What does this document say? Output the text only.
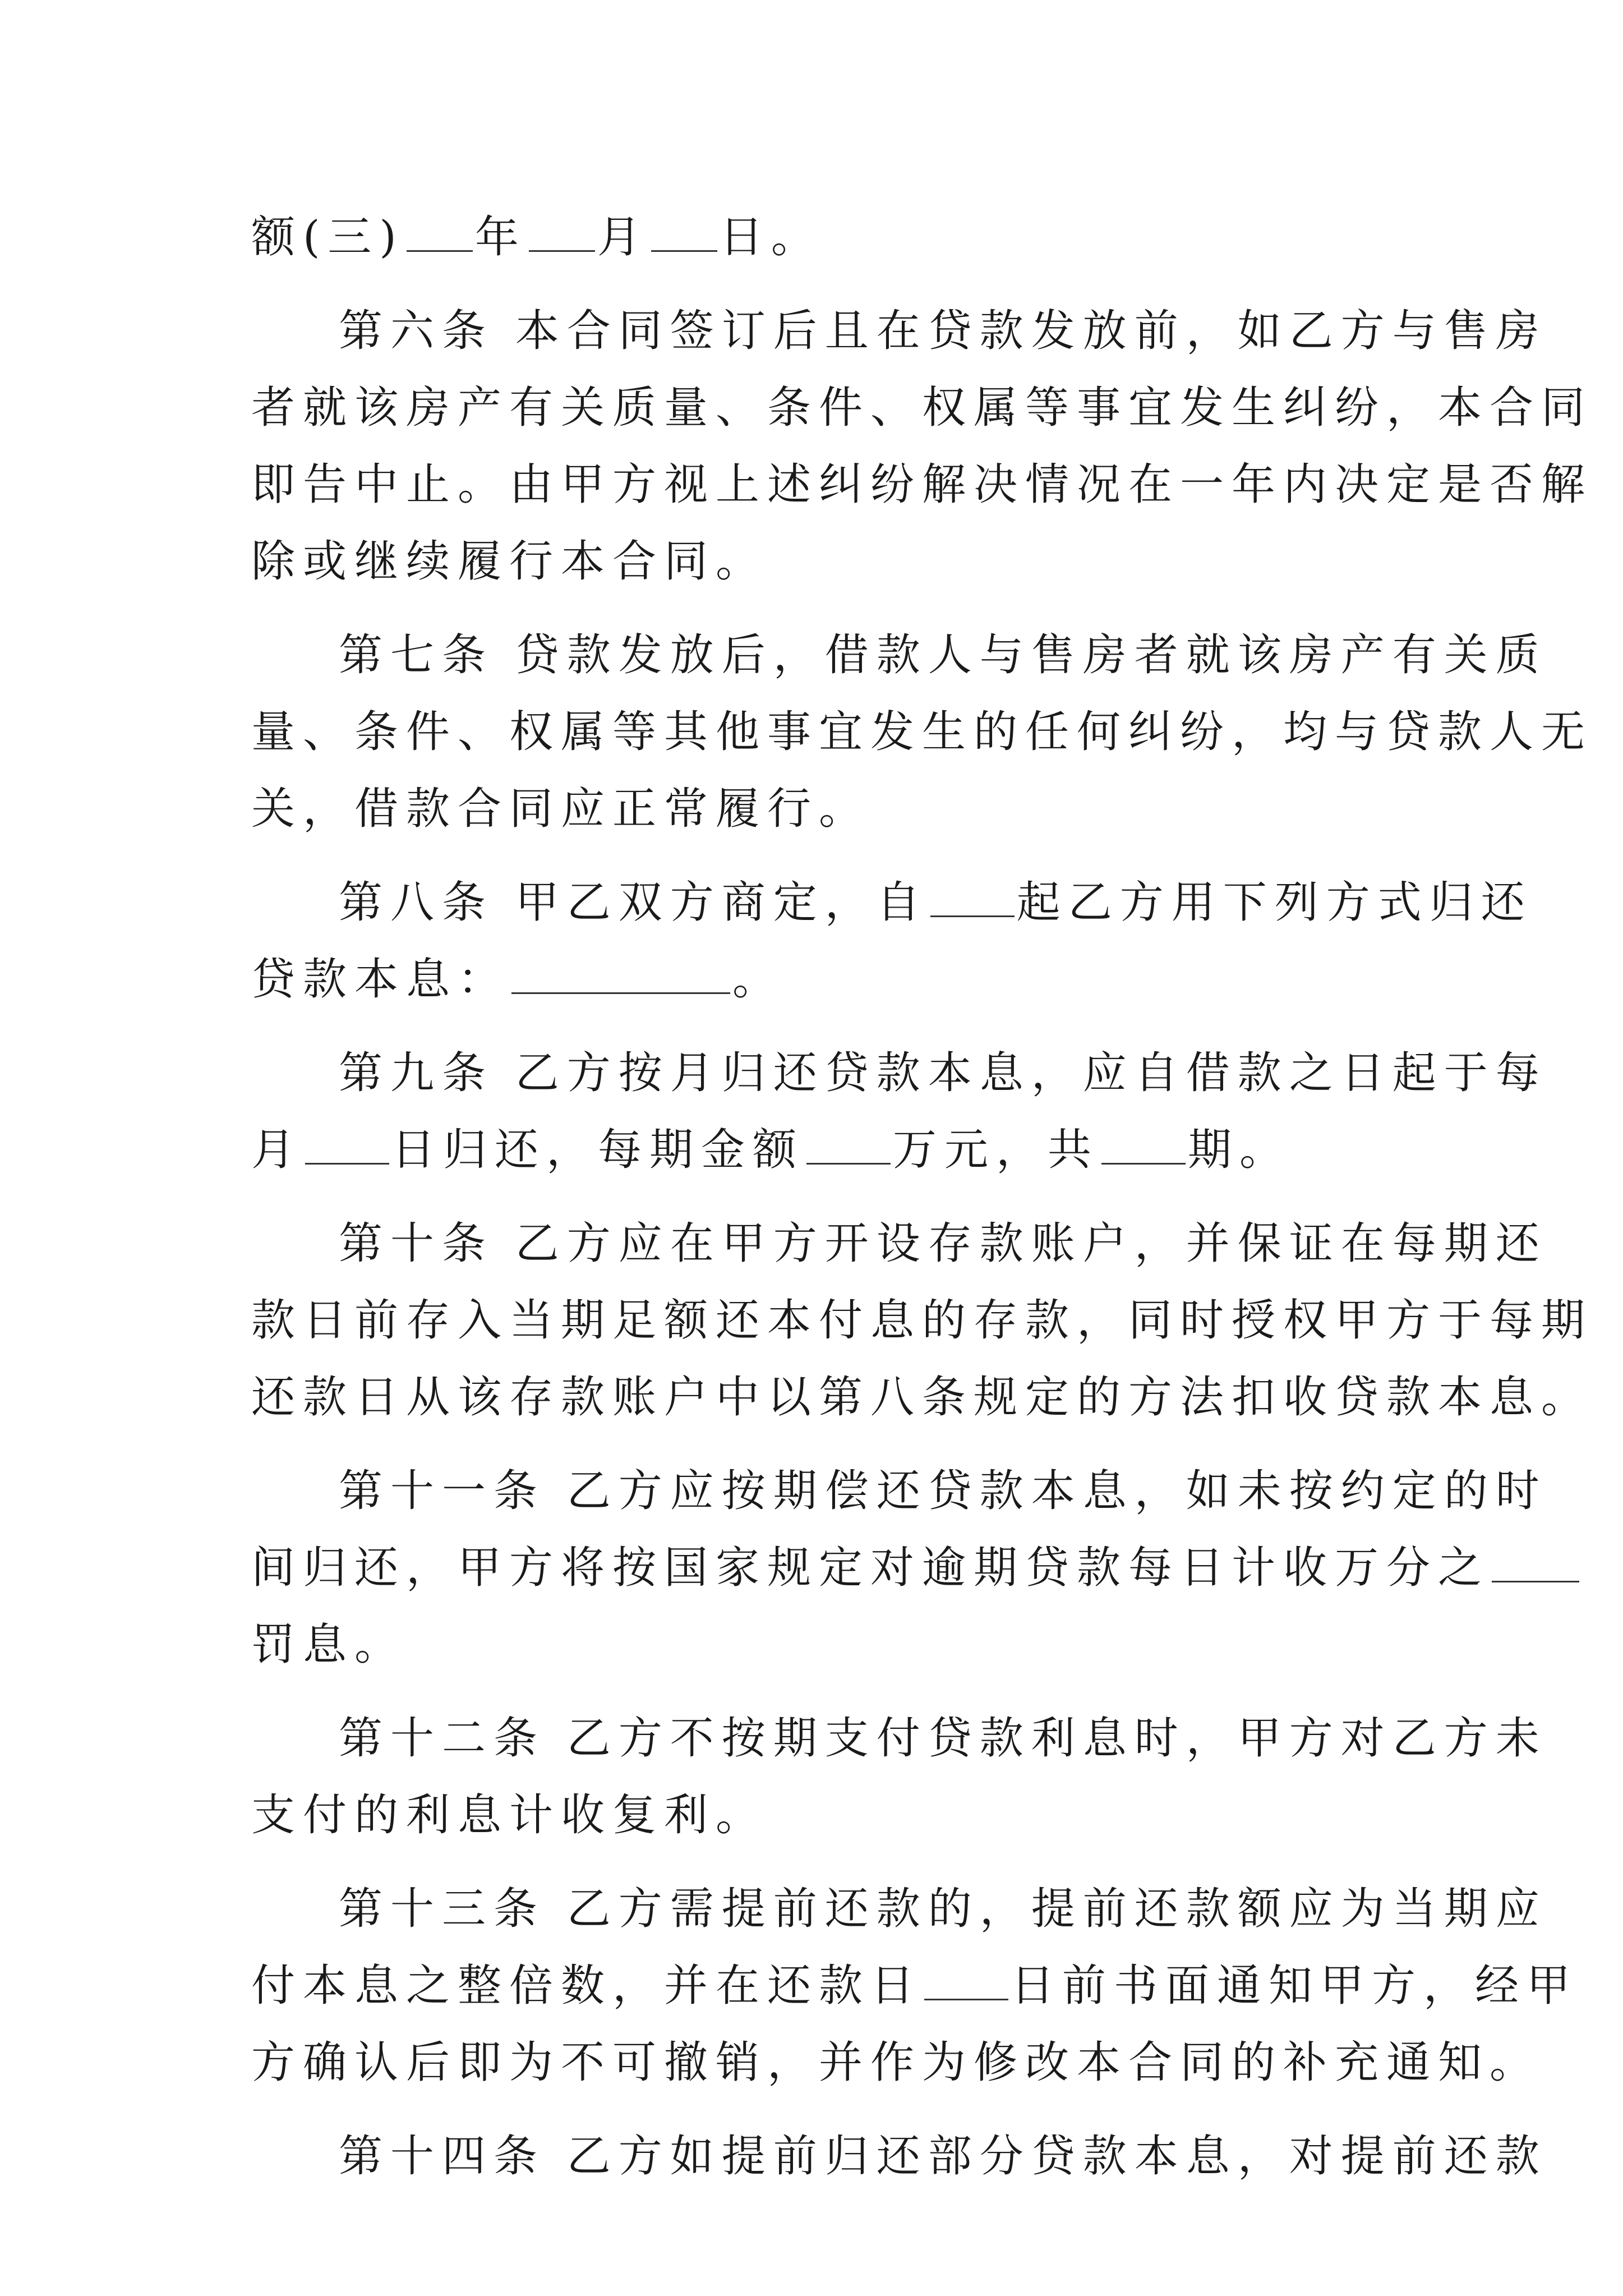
额(三) 年 月 日。
第六条 本合同签订后且在贷款发放前，如乙方与售房
者就该房产有关质量、条件、权属等事宜发生纠纷，本合同
即告中止。由甲方视上述纠纷解决情况在一年内决定是否解
除或继续履行本合同。
第七条 贷款发放后，借款人与售房者就该房产有关质
量、条件、权属等其他事宜发生的任何纠纷，均与贷款人无
关，借款合同应正常履行。
第八条 甲乙双方商定，自 起乙方用下列方式归还
贷款本息：	。
第九条 乙方按月归还贷款本息，应自借款之日起于每
月 日归还，每期金额 万元，共 期。
第十条 乙方应在甲方开设存款账户，并保证在每期还
款日前存入当期足额还本付息的存款，同时授权甲方于每期
还款日从该存款账户中以第八条规定的方法扣收贷款本息。
第十一条 乙方应按期偿还贷款本息，如未按约定的时
间归还，甲方将按国家规定对逾期贷款每日计收万分之
罚息。
第十二条 乙方不按期支付贷款利息时，甲方对乙方未
支付的利息计收复利。
第十三条 乙方需提前还款的，提前还款额应为当期应
付本息之整倍数，并在还款日 日前书面通知甲方，经甲
方确认后即为不可撤销，并作为修改本合同的补充通知。
第十四条 乙方如提前归还部分贷款本息，对提前还款
